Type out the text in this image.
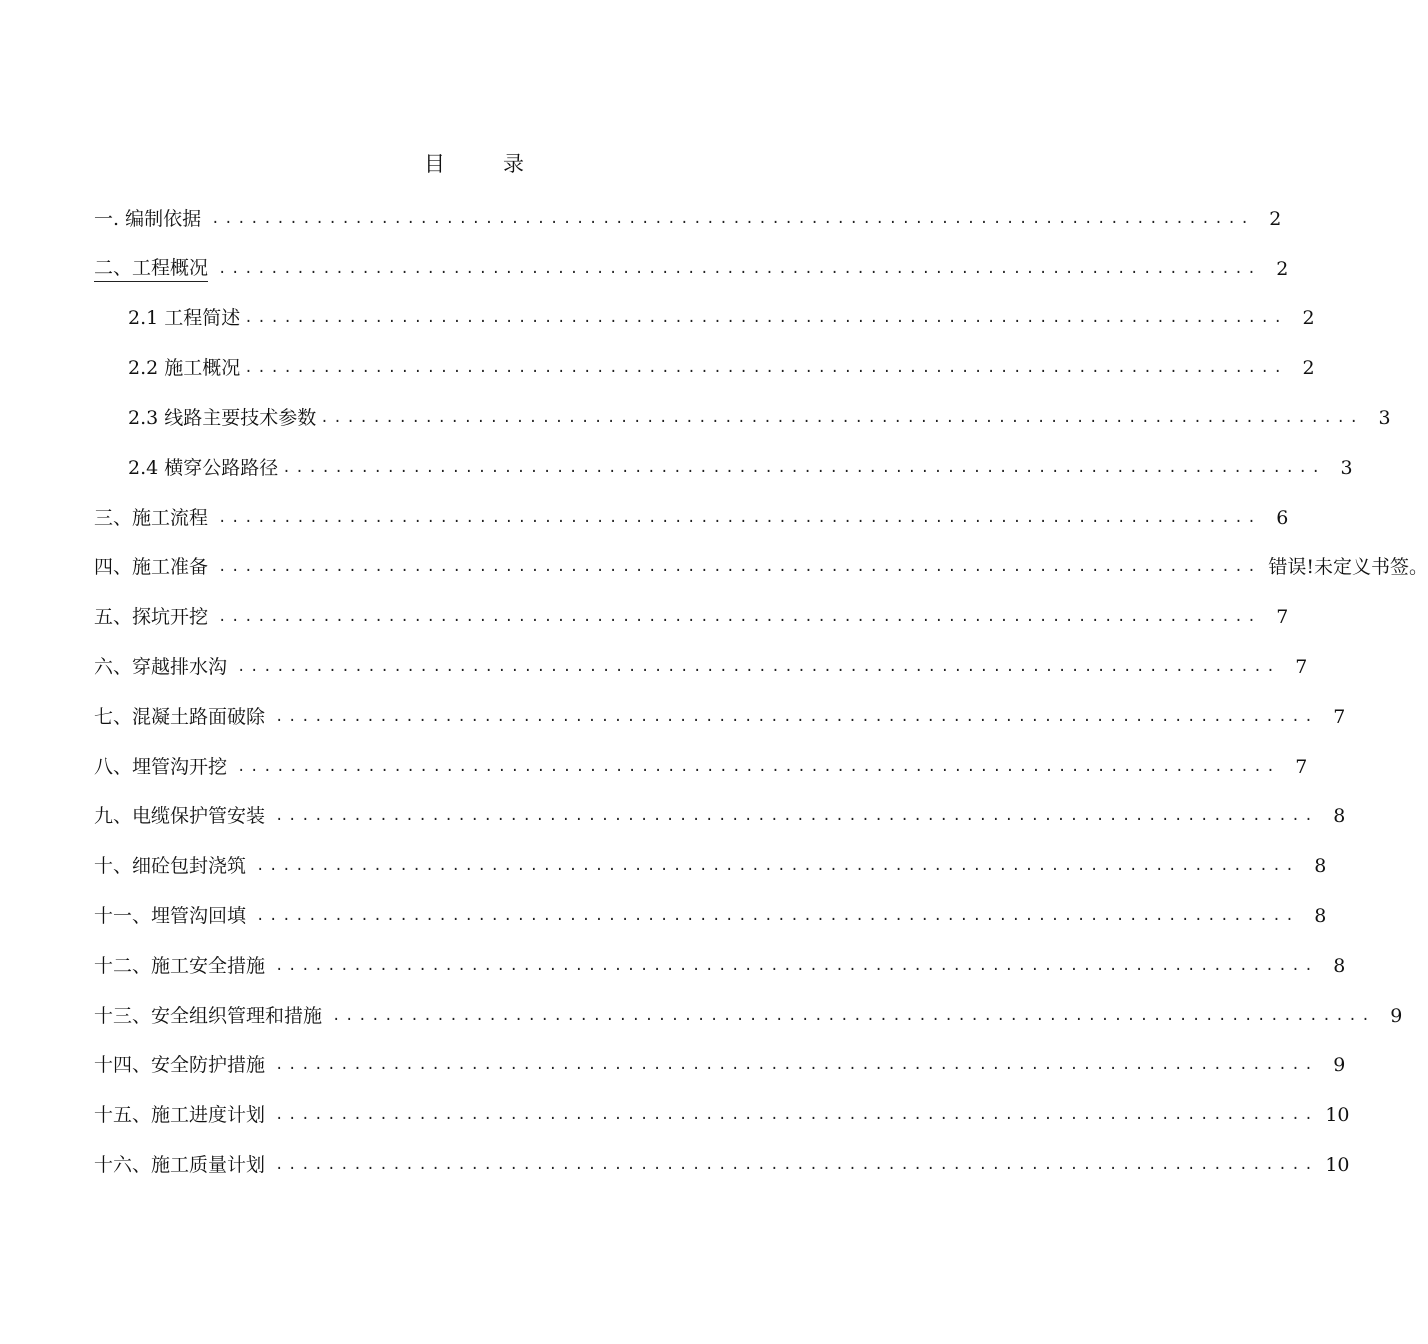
目	录
一. 编制依据 ................................................................................ 2
二、工程概况 ................................................................................ 2
2.1 工程简述 ................................................................................ 2
2.2 施工概况 ................................................................................ 2
2.3 线路主要技术参数 ................................................................................ 3
2.4 横穿公路路径 ................................................................................ 3
三、施工流程 ................................................................................ 6
四、施工准备 ................................................................................ 错误!未定义书签。
五、探坑开挖 ................................................................................ 7
六、穿越排水沟 ................................................................................ 7
七、混凝土路面破除 ................................................................................ 7
八、埋管沟开挖 ................................................................................ 7
九、电缆保护管安装 ................................................................................ 8
十、细砼包封浇筑 ................................................................................ 8
十一、埋管沟回填 ................................................................................ 8
十二、施工安全措施 ................................................................................ 8
十三、安全组织管理和措施 ................................................................................ 9
十四、安全防护措施 ................................................................................ 9
十五、施工进度计划 ................................................................................ 10
十六、施工质量计划 ................................................................................ 10
